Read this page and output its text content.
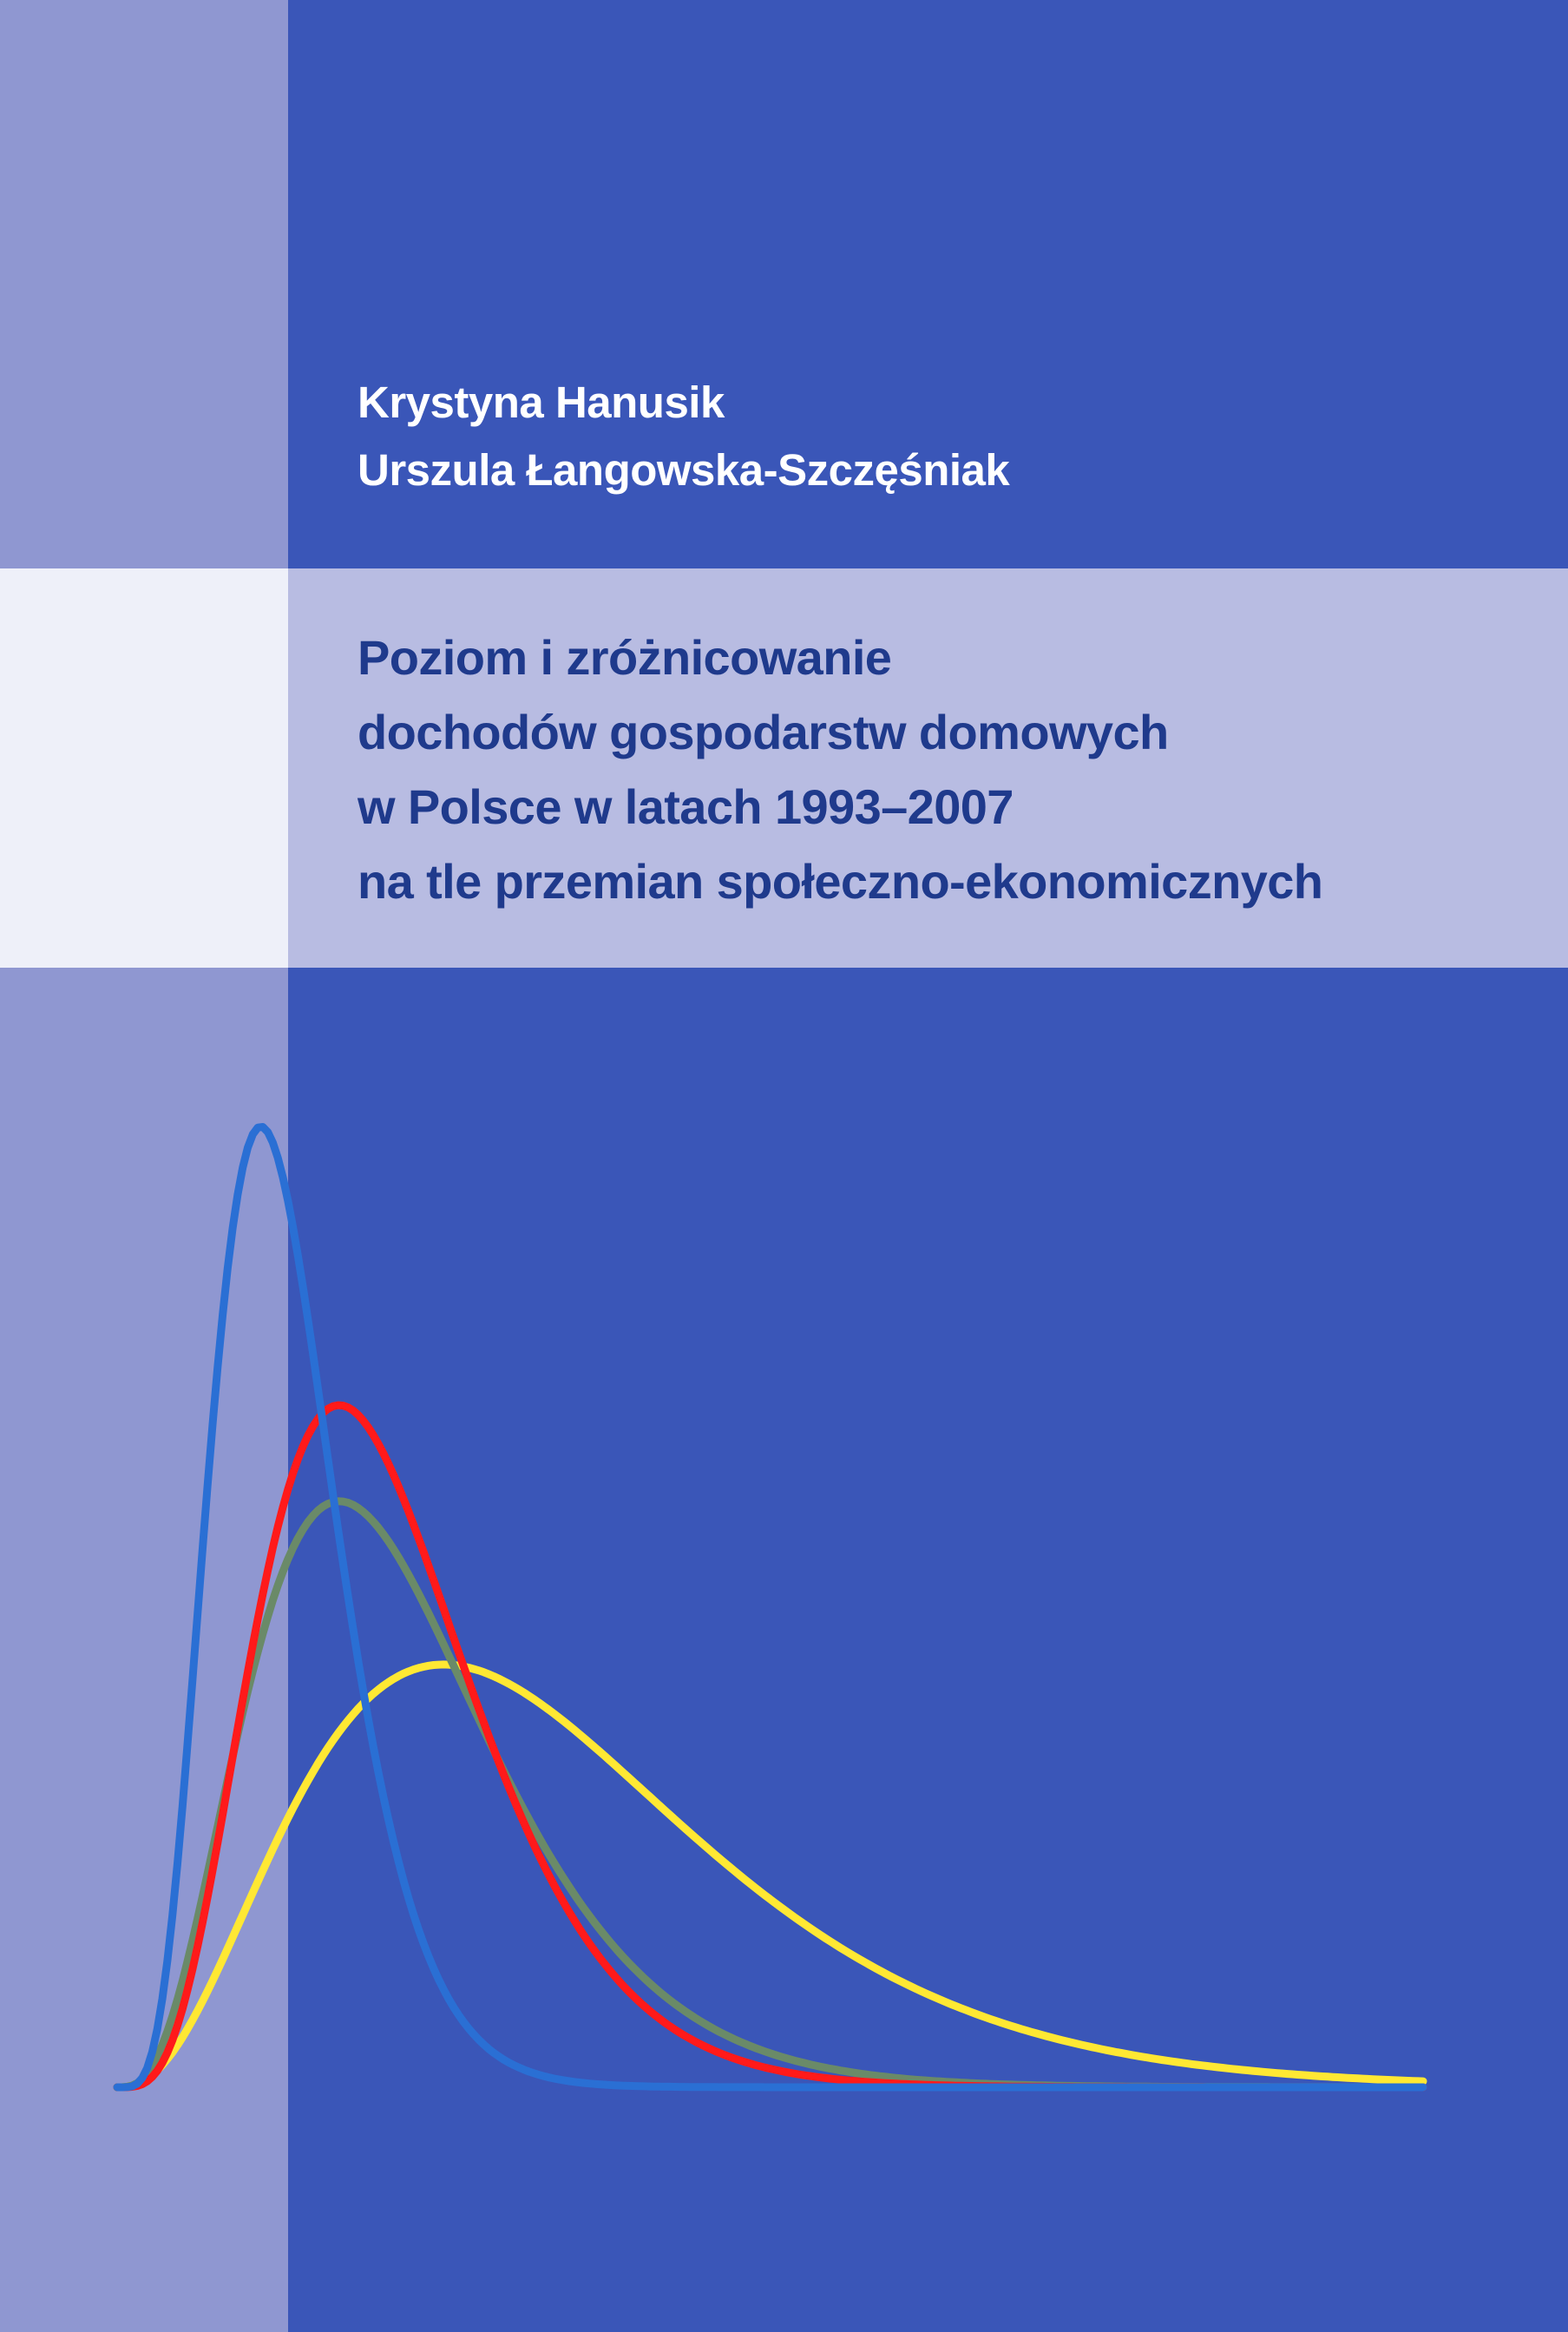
Krystyna Hanusik
Urszula Łangowska-Szczęśniak
Poziom i zróżnicowanie
dochodów gospodarstw domowych
w Polsce w latach 1993–2007
na tle przemian społeczno-ekonomicznych
